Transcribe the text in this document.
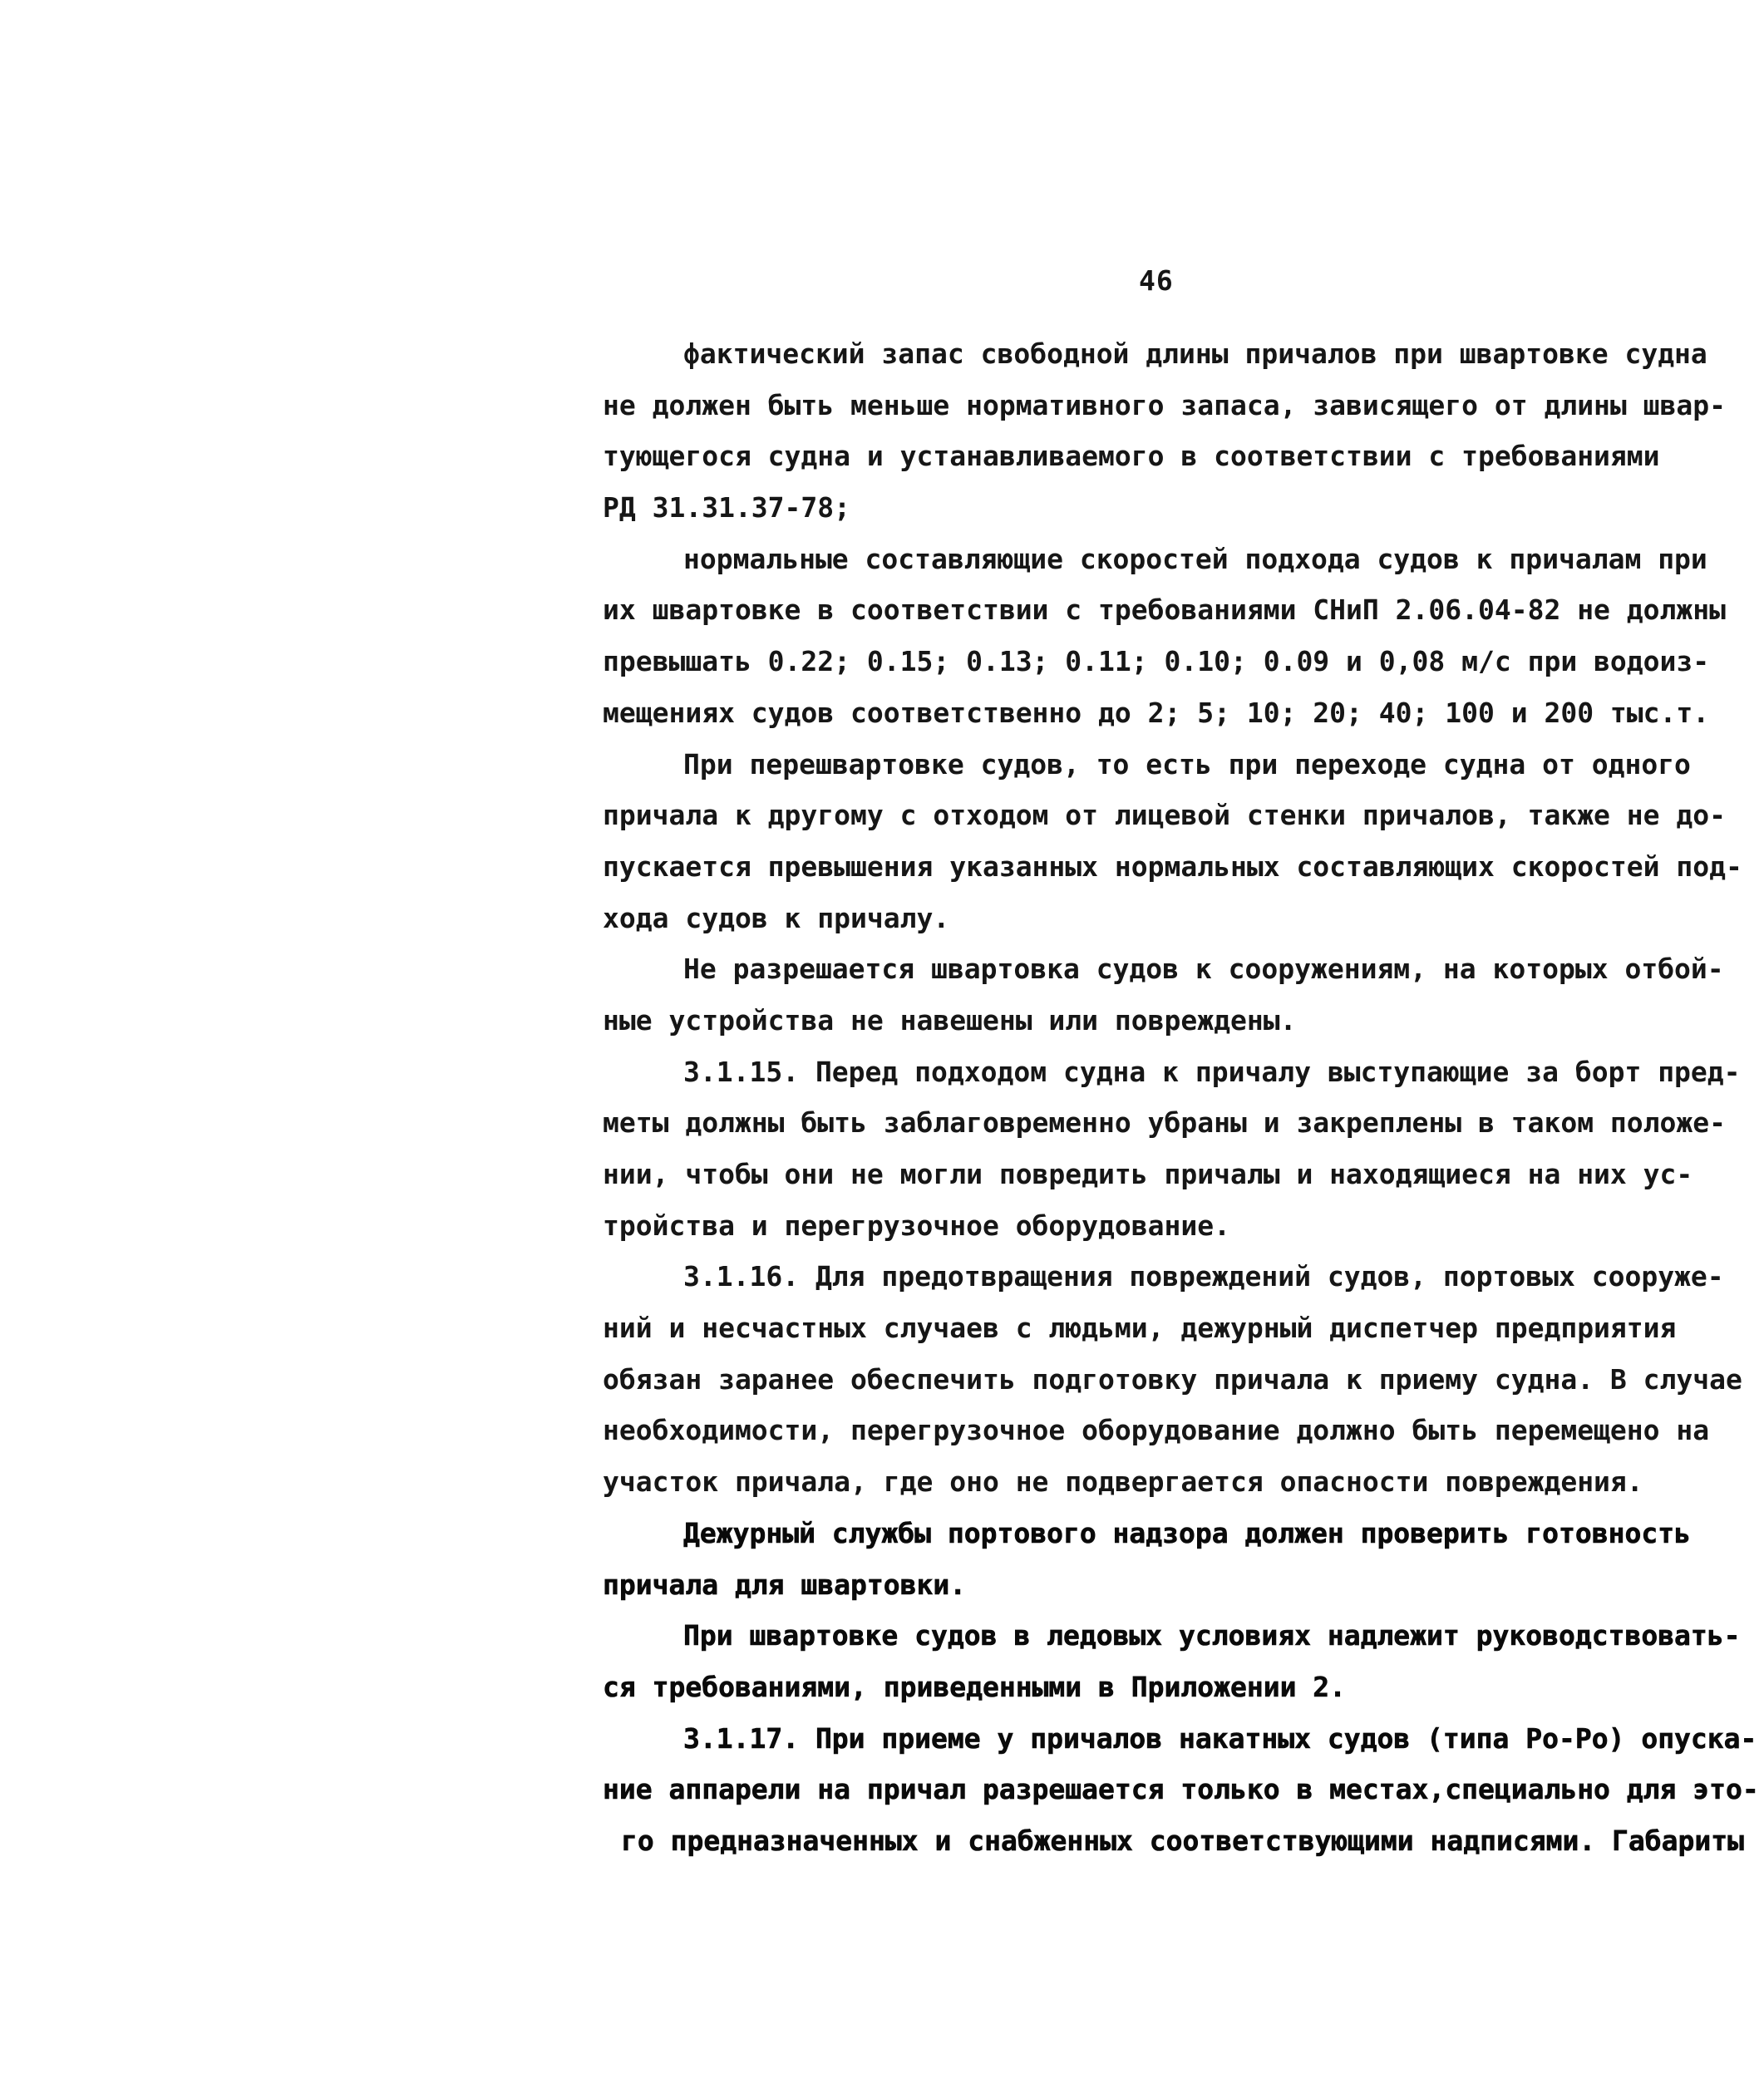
46
фактический запас свободной длины причалов при швартовке судна
не должен быть меньше нормативного запаса, зависящего от длины швар-
тующегося судна и устанавливаемого в соответствии с требованиями
РД 31.31.37-78;
нормальные составляющие скоростей подхода судов к причалам при
их швартовке в соответствии с требованиями СНиП 2.06.04-82 не должны
превышать 0.22; 0.15; 0.13; 0.11; 0.10; 0.09 и 0,08 м/с при водоиз-
мещениях судов соответственно до 2; 5; 10; 20; 40; 100 и 200 тыс.т.
При перешвартовке судов, то есть при переходе судна от одного
причала к другому с отходом от лицевой стенки причалов, также не до-
пускается превышения указанных нормальных составляющих скоростей под-
хода судов к причалу.
Не разрешается швартовка судов к сооружениям, на которых отбой-
ные устройства не навешены или повреждены.
3.1.15. Перед подходом судна к причалу выступающие за борт пред-
меты должны быть заблаговременно убраны и закреплены в таком положе-
нии, чтобы они не могли повредить причалы и находящиеся на них ус-
тройства и перегрузочное оборудование.
3.1.16. Для предотвращения повреждений судов, портовых сооруже-
ний и несчастных случаев с людьми, дежурный диспетчер предприятия
обязан заранее обеспечить подготовку причала к приему судна. В случае
необходимости, перегрузочное оборудование должно быть перемещено на
участок причала, где оно не подвергается опасности повреждения.
Дежурный службы портового надзора должен проверить готовность
причала для швартовки.
При швартовке судов в ледовых условиях надлежит руководствовать-
ся требованиями, приведенными в Приложении 2.
3.1.17. При приеме у причалов накатных судов (типа Ро-Ро) опуска-
ние аппарели на причал разрешается только в местах,специально для это-
го предназначенных и снабженных соответствующими надписями. Габариты
